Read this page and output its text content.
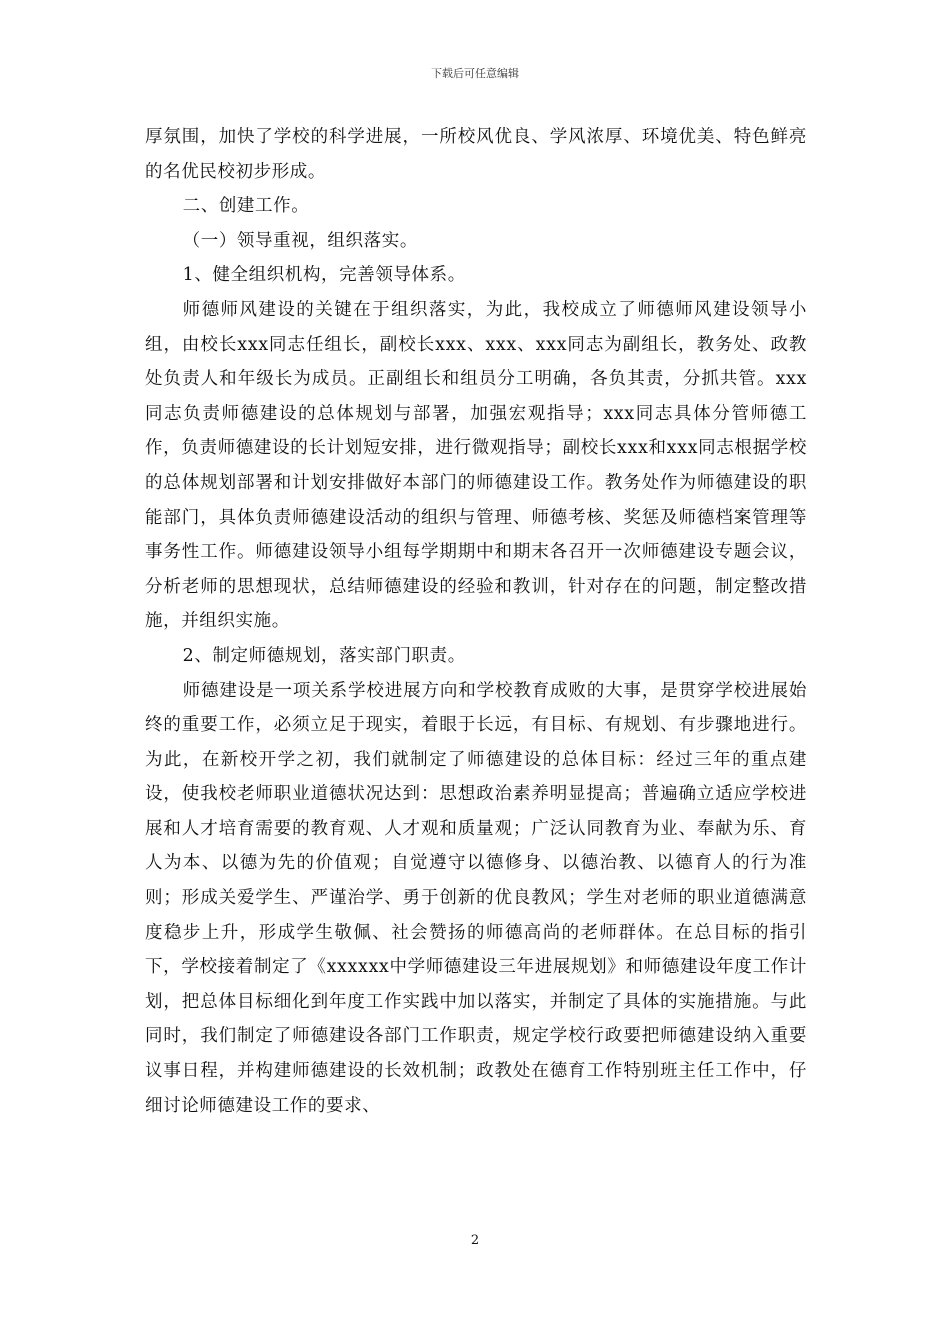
下载后可任意编辑

厚氛围，加快了学校的科学进展，一所校风优良、学风浓厚、环境优美、特色鲜亮的名优民校初步形成。

二、创建工作。

（一）领导重视，组织落实。

1、健全组织机构，完善领导体系。

师德师风建设的关键在于组织落实，为此，我校成立了师德师风建设领导小组，由校长xxx同志任组长，副校长xxx、xxx、xxx同志为副组长，教务处、政教处负责人和年级长为成员。正副组长和组员分工明确，各负其责，分抓共管。xxx同志负责师德建设的总体规划与部署，加强宏观指导；xxx同志具体分管师德工作，负责师德建设的长计划短安排，进行微观指导；副校长xxx和xxx同志根据学校的总体规划部署和计划安排做好本部门的师德建设工作。教务处作为师德建设的职能部门，具体负责师德建设活动的组织与管理、师德考核、奖惩及师德档案管理等事务性工作。师德建设领导小组每学期期中和期末各召开一次师德建设专题会议，分析老师的思想现状，总结师德建设的经验和教训，针对存在的问题，制定整改措施，并组织实施。

2、制定师德规划，落实部门职责。

师德建设是一项关系学校进展方向和学校教育成败的大事，是贯穿学校进展始终的重要工作，必须立足于现实，着眼于长远，有目标、有规划、有步骤地进行。为此，在新校开学之初，我们就制定了师德建设的总体目标：经过三年的重点建设，使我校老师职业道德状况达到：思想政治素养明显提高；普遍确立适应学校进展和人才培育需要的教育观、人才观和质量观；广泛认同教育为业、奉献为乐、育人为本、以德为先的价值观；自觉遵守以德修身、以德治教、以德育人的行为准则；形成关爱学生、严谨治学、勇于创新的优良教风；学生对老师的职业道德满意度稳步上升，形成学生敬佩、社会赞扬的师德高尚的老师群体。在总目标的指引下，学校接着制定了《xxxxxx中学师德建设三年进展规划》和师德建设年度工作计划，把总体目标细化到年度工作实践中加以落实，并制定了具体的实施措施。与此同时，我们制定了师德建设各部门工作职责，规定学校行政要把师德建设纳入重要议事日程，并构建师德建设的长效机制；政教处在德育工作特别班主任工作中，仔细讨论师德建设工作的要求、

2
